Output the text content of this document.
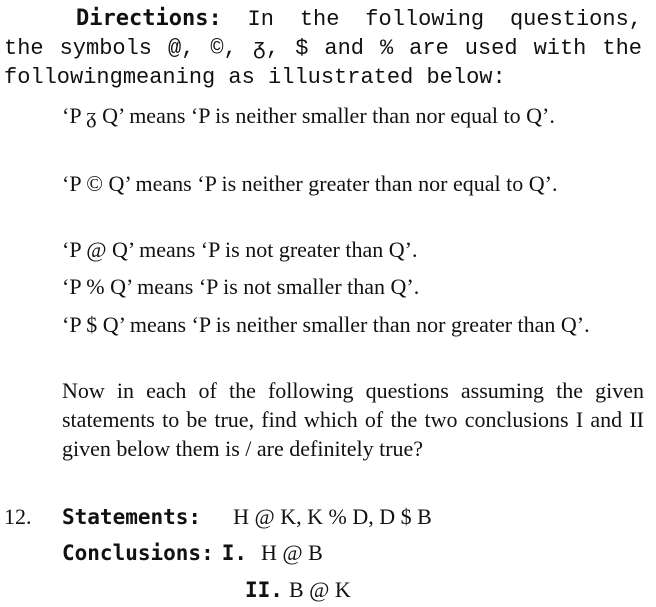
Directions: In the following questions, the symbols @, ©, ᵹ, $ and % are used with the followingmeaning as illustrated below:

‘P ᵹ Q’ means ‘P is neither smaller than nor equal to Q’.

‘P © Q’ means ‘P is neither greater than nor equal to Q’.

‘P @ Q’ means ‘P is not greater than Q’.

‘P % Q’ means ‘P is not smaller than Q’.

‘P $ Q’ means ‘P is neither smaller than nor greater than Q’.

Now in each of the following questions assuming the given statements to be true, find which of the two conclusions I and II given below them is / are definitely true?

12. Statements: H @ K, K % D, D $ B
Conclusions: I. H @ B
II. B @ K
